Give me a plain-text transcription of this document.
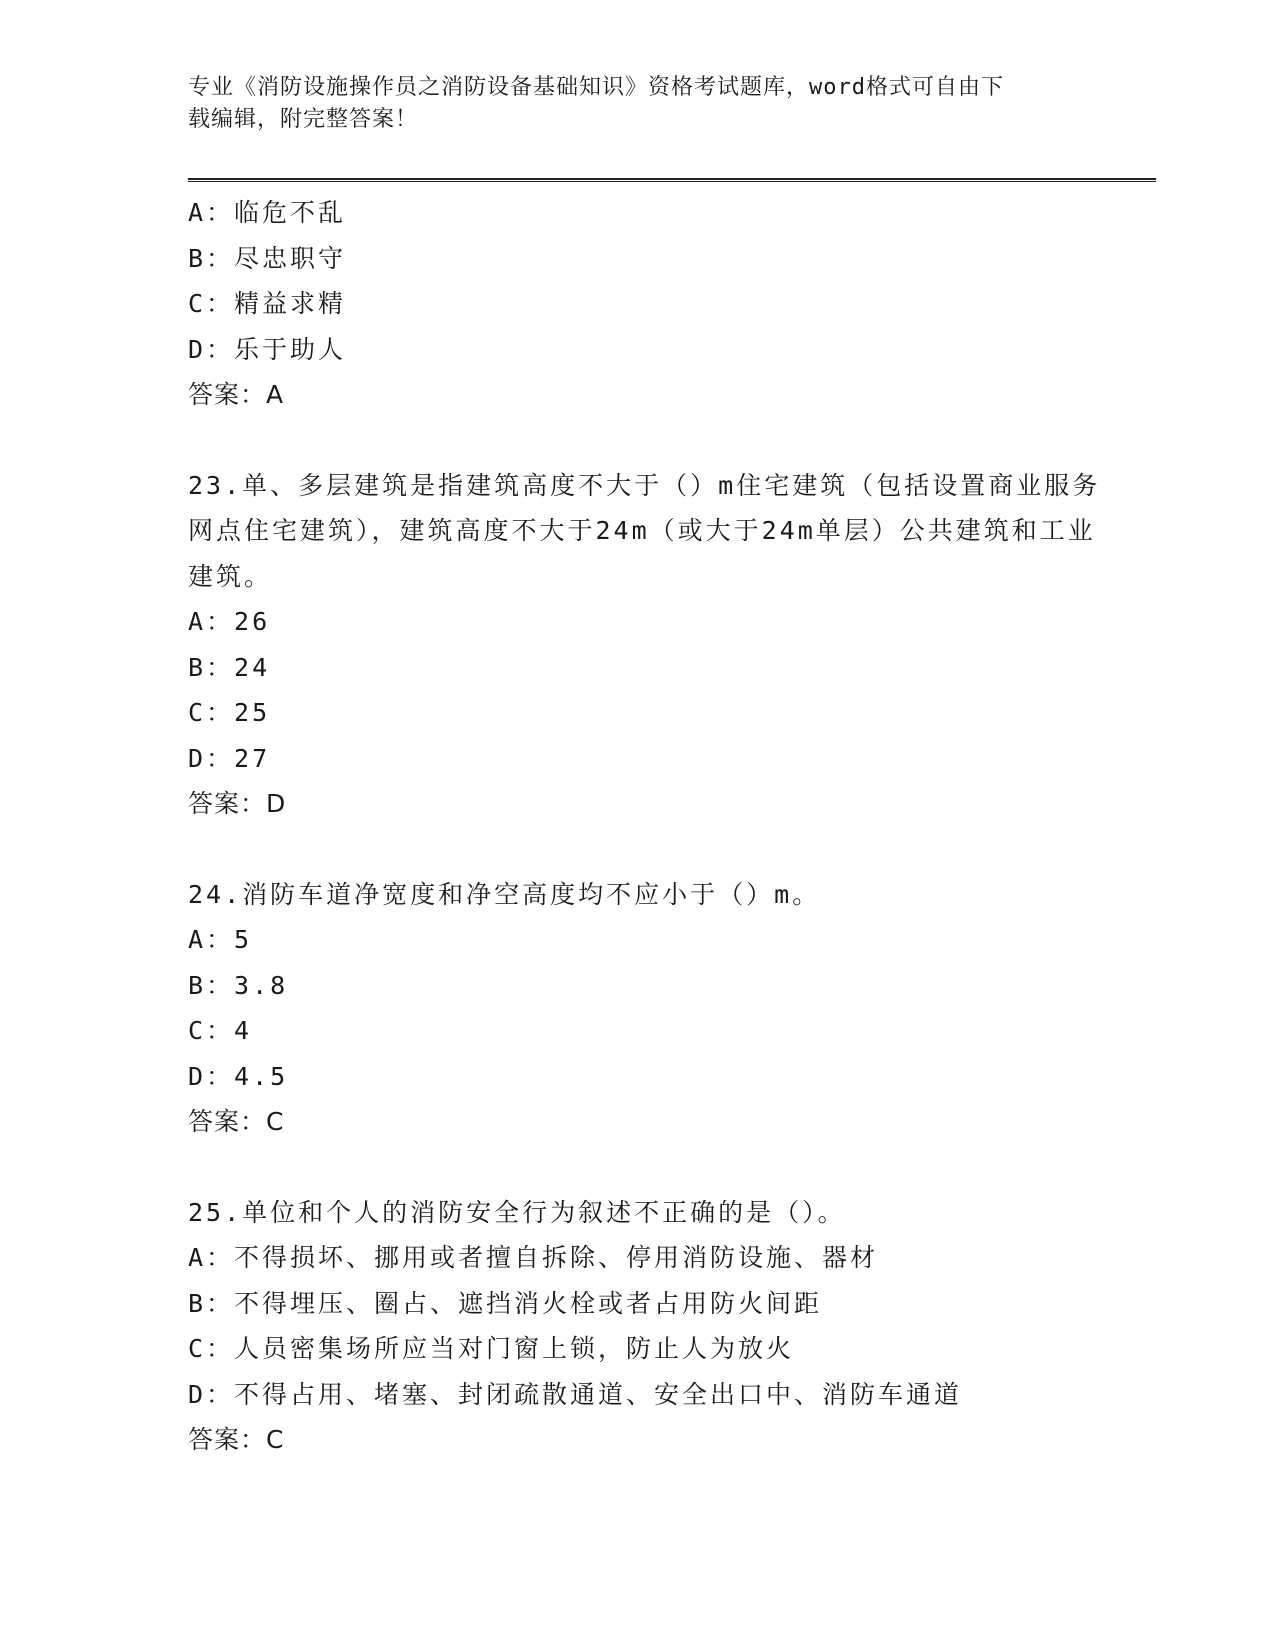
专业《消防设施操作员之消防设备基础知识》资格考试题库，word格式可自由下
载编辑，附完整答案！
A：临危不乱
B：尽忠职守
C：精益求精
D：乐于助人
答案：A
23.单、多层建筑是指建筑高度不大于（）m住宅建筑（包括设置商业服务网点住宅建筑），建筑高度不大于24m（或大于24m单层）公共建筑和工业建筑。
A：26
B：24
C：25
D：27
答案：D
24.消防车道净宽度和净空高度均不应小于（）m。
A：5
B：3.8
C：4
D：4.5
答案：C
25.单位和个人的消防安全行为叙述不正确的是（）。
A：不得损坏、挪用或者擅自拆除、停用消防设施、器材
B：不得埋压、圈占、遮挡消火栓或者占用防火间距
C：人员密集场所应当对门窗上锁，防止人为放火
D：不得占用、堵塞、封闭疏散通道、安全出口中、消防车通道
答案：C
